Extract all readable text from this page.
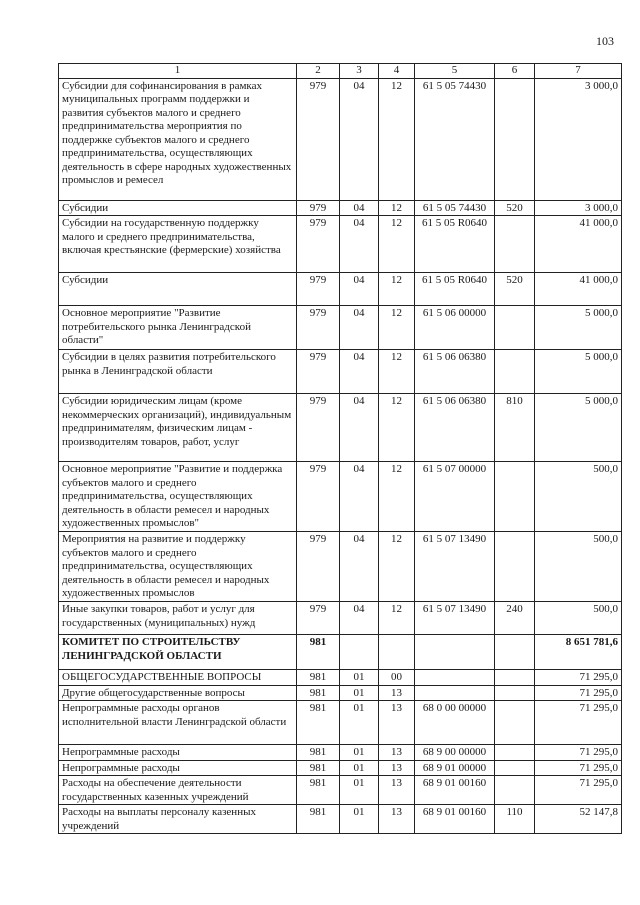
103
1	2	3	4	5	6	7
Субсидии для софинансирования в рамках муниципальных программ поддержки и развития субъектов малого и среднего предпринимательства мероприятия по поддержке субъектов малого и среднего предпринимательства, осуществляющих деятельность в сфере народных художественных промыслов и ремесел	979	04	12	61 5 05 74430		3 000,0
Субсидии	979	04	12	61 5 05 74430	520	3 000,0
Субсидии на государственную поддержку малого и среднего предпринимательства, включая крестьянские (фермерские) хозяйства	979	04	12	61 5 05 R0640		41 000,0
Субсидии	979	04	12	61 5 05 R0640	520	41 000,0
Основное мероприятие "Развитие потребительского рынка Ленинградской области"	979	04	12	61 5 06 00000		5 000,0
Субсидии в целях развития потребительского рынка в Ленинградской области	979	04	12	61 5 06 06380		5 000,0
Субсидии юридическим лицам (кроме некоммерческих организаций), индивидуальным предпринимателям, физическим лицам - производителям товаров, работ, услуг	979	04	12	61 5 06 06380	810	5 000,0
Основное мероприятие "Развитие и поддержка субъектов малого и среднего предпринимательства, осуществляющих деятельность в области ремесел и народных художественных промыслов"	979	04	12	61 5 07 00000		500,0
Мероприятия на развитие и поддержку субъектов малого и среднего предпринимательства, осуществляющих деятельность в области ремесел и народных художественных промыслов	979	04	12	61 5 07 13490		500,0
Иные закупки товаров, работ и услуг для государственных (муниципальных) нужд	979	04	12	61 5 07 13490	240	500,0
КОМИТЕТ ПО СТРОИТЕЛЬСТВУ ЛЕНИНГРАДСКОЙ ОБЛАСТИ	981					8 651 781,6
ОБЩЕГОСУДАРСТВЕННЫЕ ВОПРОСЫ	981	01	00			71 295,0
Другие общегосударственные вопросы	981	01	13			71 295,0
Непрограммные расходы органов исполнительной власти Ленинградской области	981	01	13	68 0 00 00000		71 295,0
Непрограммные расходы	981	01	13	68 9 00 00000		71 295,0
Непрограммные расходы	981	01	13	68 9 01 00000		71 295,0
Расходы на обеспечение деятельности государственных казенных учреждений	981	01	13	68 9 01 00160		71 295,0
Расходы на выплаты персоналу казенных учреждений	981	01	13	68 9 01 00160	110	52 147,8
